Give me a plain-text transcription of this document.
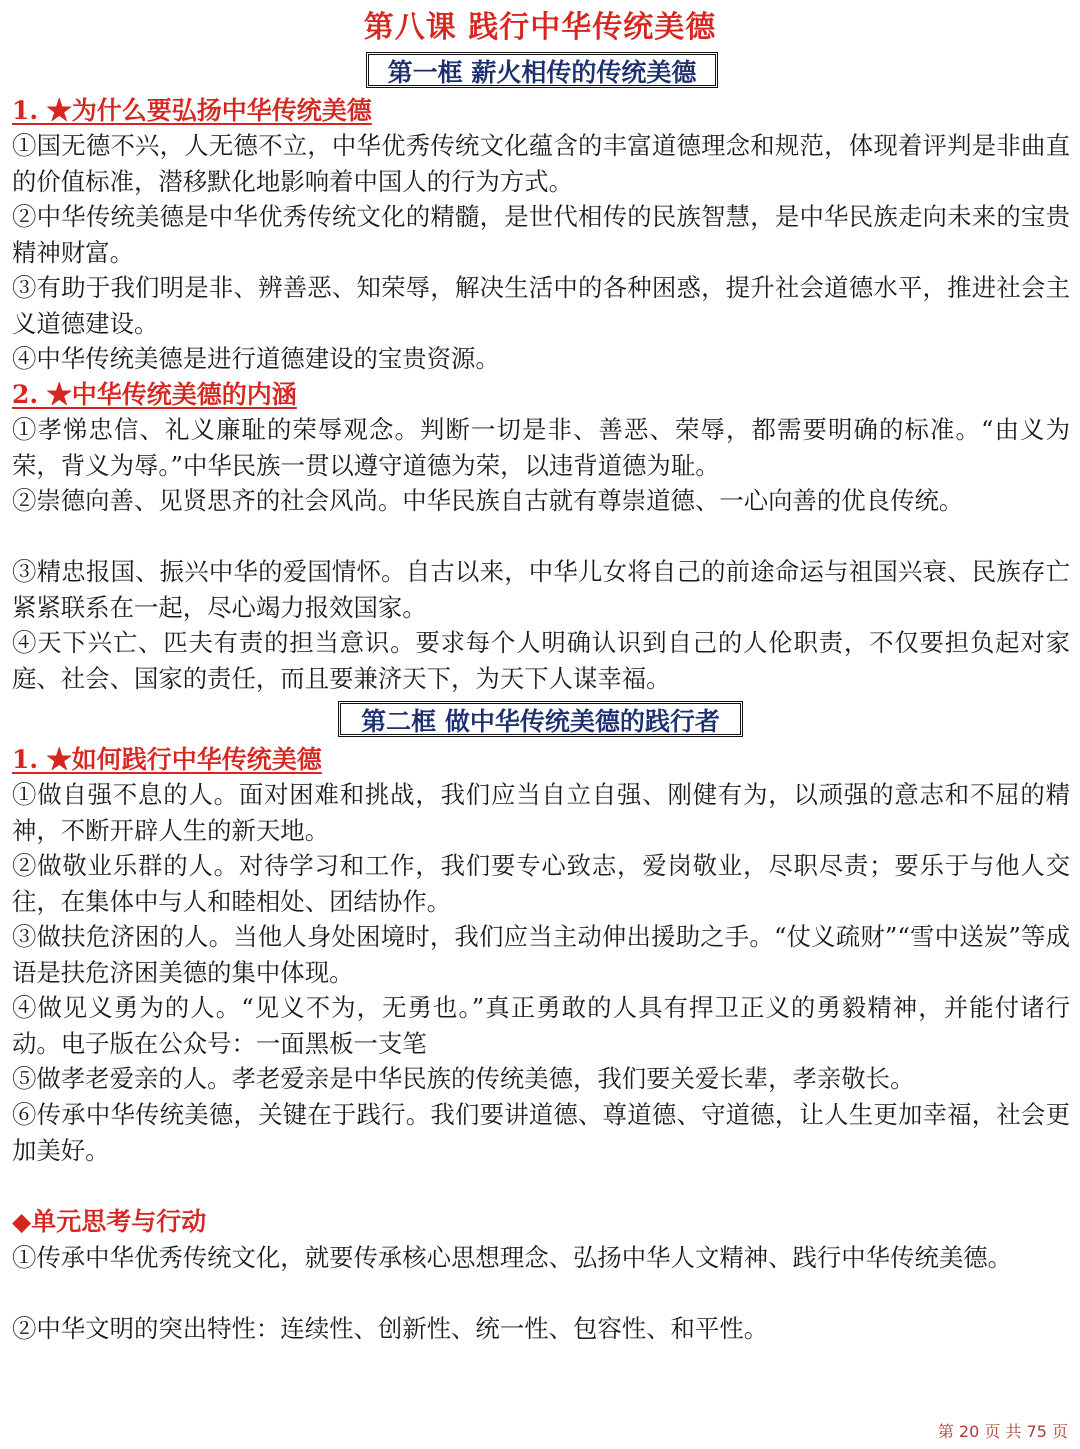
第八课 践行中华传统美德
第一框 薪火相传的传统美德
1. ★为什么要弘扬中华传统美德
①国无德不兴，人无德不立，中华优秀传统文化蕴含的丰富道德理念和规范，体现着评判是非曲直的价值标准，潜移默化地影响着中国人的行为方式。
②中华传统美德是中华优秀传统文化的精髓，是世代相传的民族智慧，是中华民族走向未来的宝贵精神财富。
③有助于我们明是非、辨善恶、知荣辱，解决生活中的各种困惑，提升社会道德水平，推进社会主义道德建设。
④中华传统美德是进行道德建设的宝贵资源。
2. ★中华传统美德的内涵
①孝悌忠信、礼义廉耻的荣辱观念。判断一切是非、善恶、荣辱，都需要明确的标准。“由义为荣，背义为辱。”中华民族一贯以遵守道德为荣，以违背道德为耻。
②崇德向善、见贤思齐的社会风尚。中华民族自古就有尊崇道德、一心向善的优良传统。
③精忠报国、振兴中华的爱国情怀。自古以来，中华儿女将自己的前途命运与祖国兴衰、民族存亡紧紧联系在一起，尽心竭力报效国家。
④天下兴亡、匹夫有责的担当意识。要求每个人明确认识到自己的人伦职责，不仅要担负起对家庭、社会、国家的责任，而且要兼济天下，为天下人谋幸福。
第二框 做中华传统美德的践行者
1. ★如何践行中华传统美德
①做自强不息的人。面对困难和挑战，我们应当自立自强、刚健有为，以顽强的意志和不屈的精神，不断开辟人生的新天地。
②做敬业乐群的人。对待学习和工作，我们要专心致志，爱岗敬业，尽职尽责；要乐于与他人交往，在集体中与人和睦相处、团结协作。
③做扶危济困的人。当他人身处困境时，我们应当主动伸出援助之手。“仗义疏财”“雪中送炭”等成语是扶危济困美德的集中体现。
④做见义勇为的人。“见义不为，无勇也。”真正勇敢的人具有捍卫正义的勇毅精神，并能付诸行动。电子版在公众号：一面黑板一支笔
⑤做孝老爱亲的人。孝老爱亲是中华民族的传统美德，我们要关爱长辈，孝亲敬长。
⑥传承中华传统美德，关键在于践行。我们要讲道德、尊道德、守道德，让人生更加幸福，社会更加美好。
◆单元思考与行动
①传承中华优秀传统文化，就要传承核心思想理念、弘扬中华人文精神、践行中华传统美德。
②中华文明的突出特性：连续性、创新性、统一性、包容性、和平性。
第 20 页 共 75 页
